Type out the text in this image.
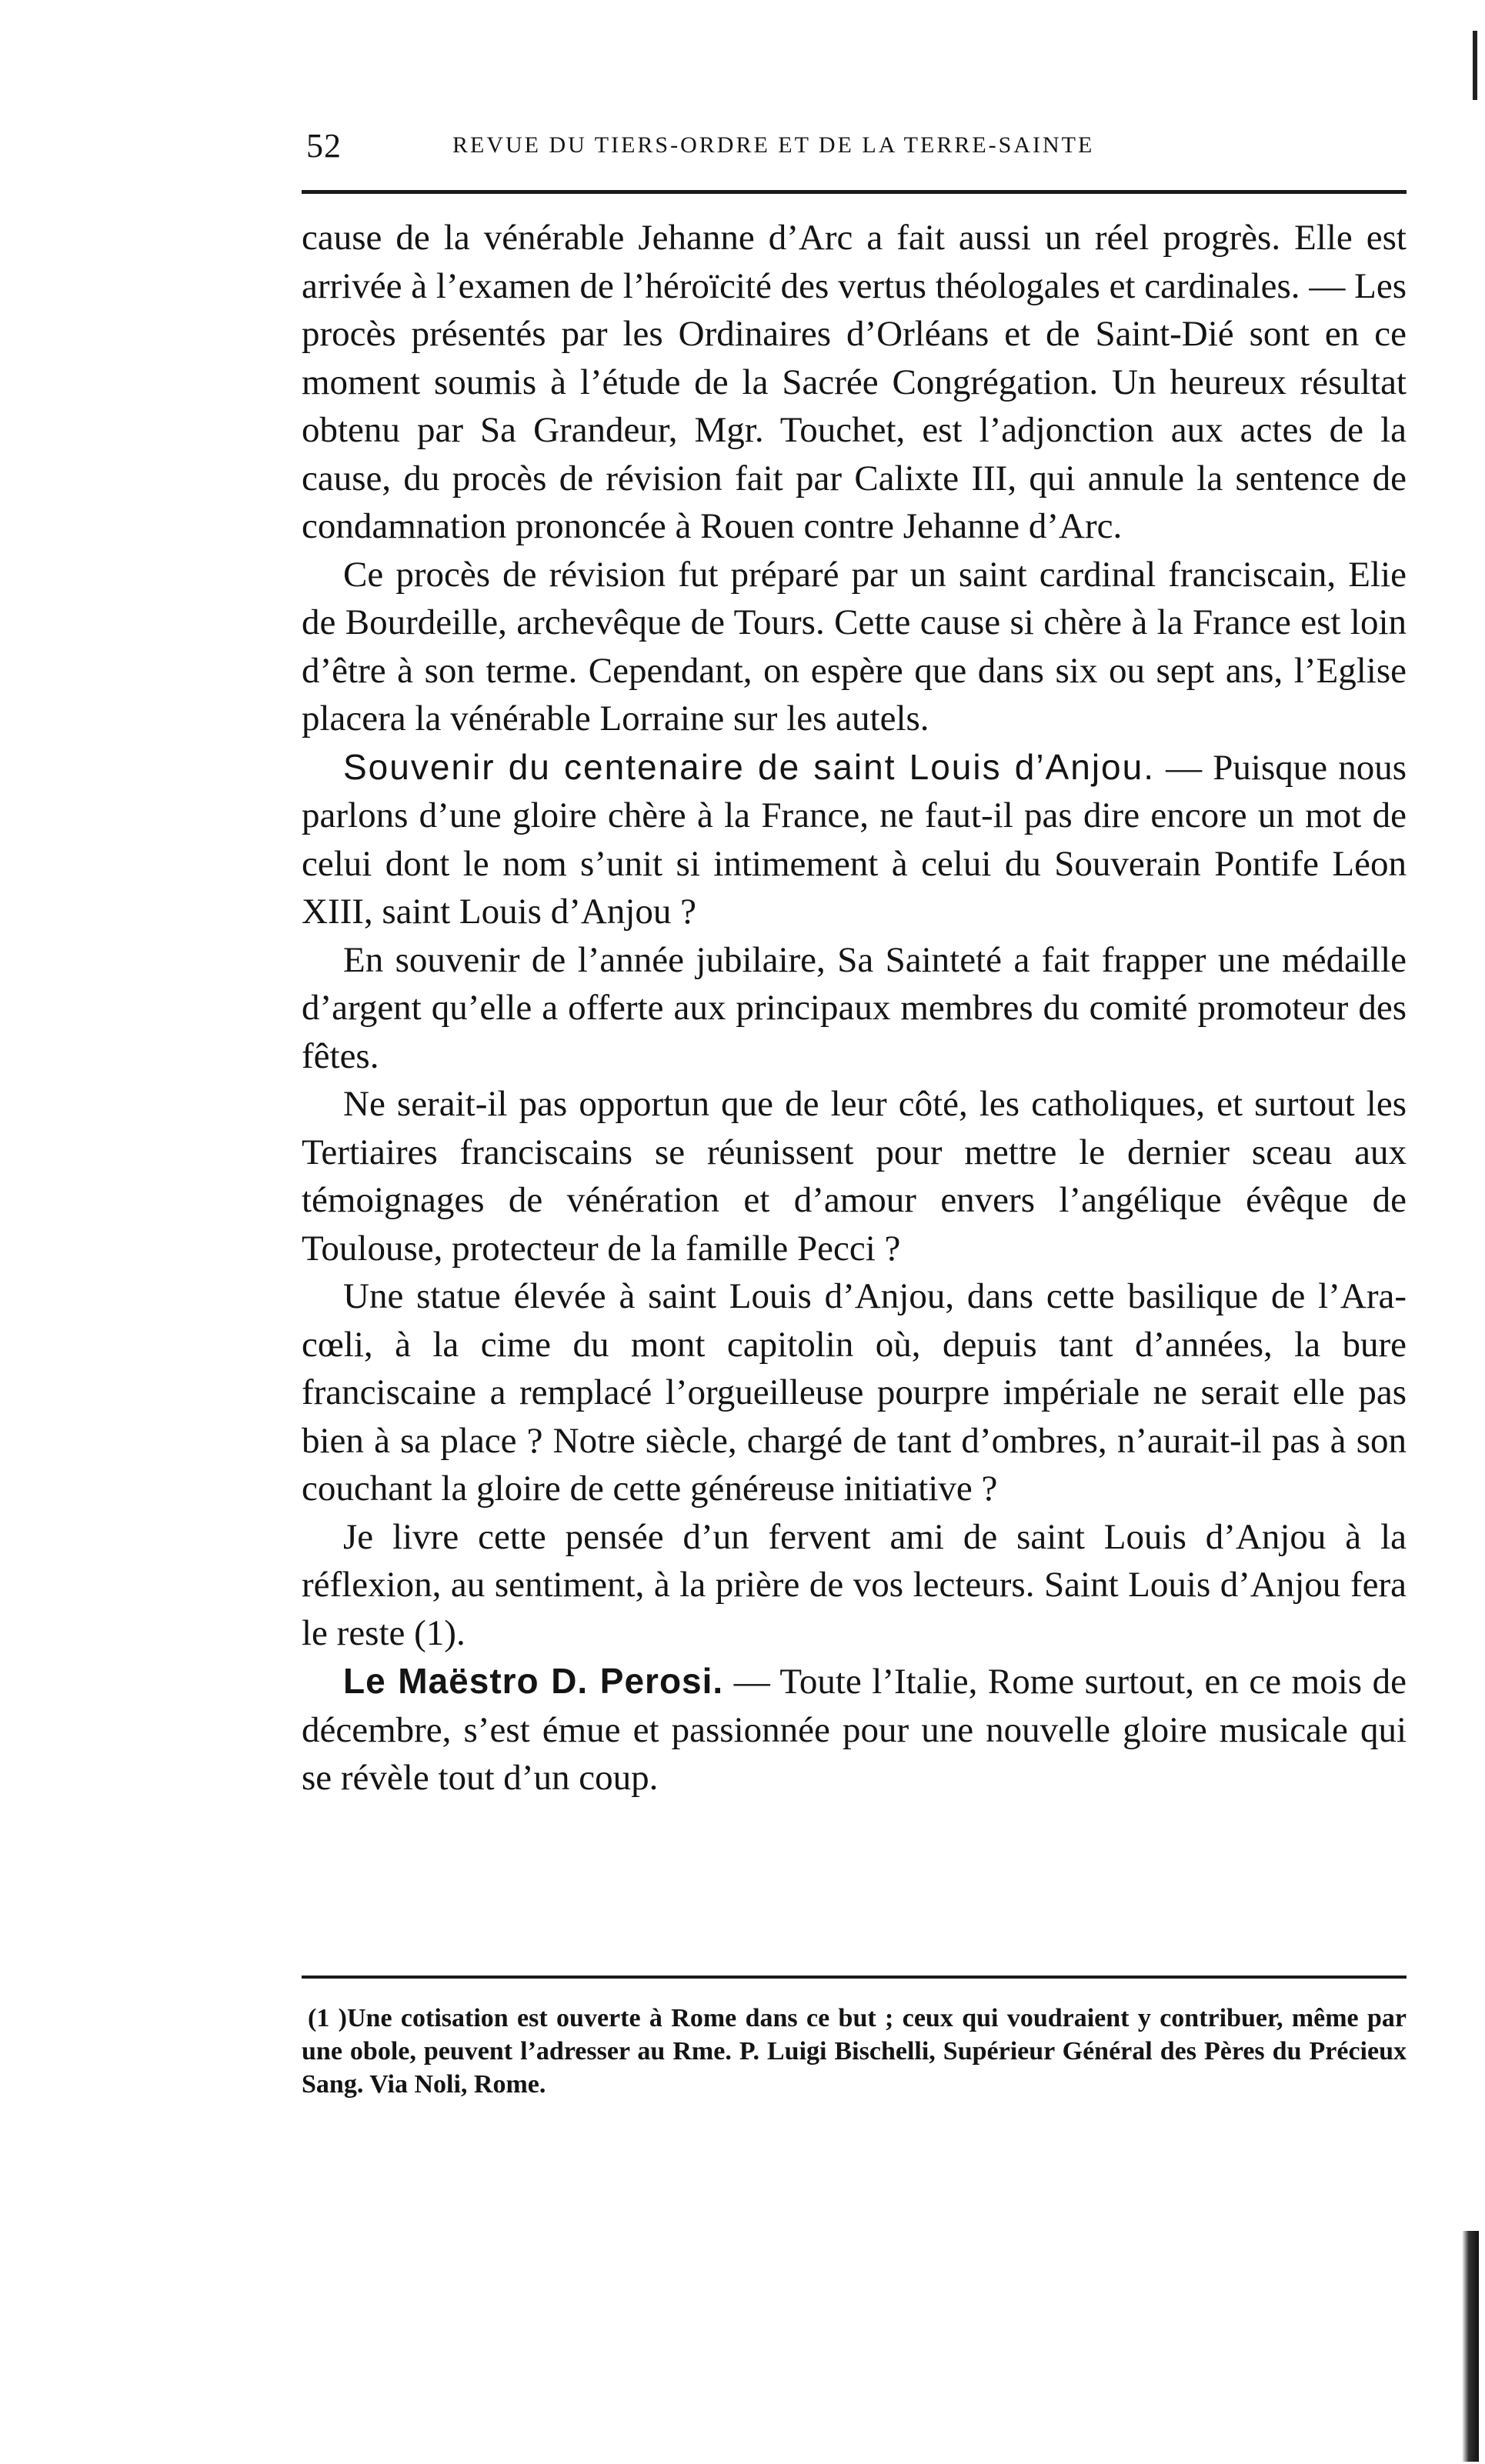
52	REVUE DU TIERS-ORDRE ET DE LA TERRE-SAINTE

cause de la vénérable Jehanne d’Arc a fait aussi un réel progrès. Elle est arrivée à l’examen de l’héroïcité des vertus théologales et cardinales. — Les procès présentés par les Ordinaires d’Orléans et de Saint-Dié sont en ce moment soumis à l’étude de la Sacrée Congrégation. Un heureux résultat obtenu par Sa Grandeur, Mgr. Touchet, est l’adjonction aux actes de la cause, du procès de révision fait par Calixte III, qui annule la sentence de condamnation prononcée à Rouen contre Jehanne d’Arc.

Ce procès de révision fut préparé par un saint cardinal franciscain, Elie de Bourdeille, archevêque de Tours. Cette cause si chère à la France est loin d’être à son terme. Cependant, on espère que dans six ou sept ans, l’Eglise placera la vénérable Lorraine sur les autels.

Souvenir du centenaire de saint Louis d’Anjou. — Puisque nous parlons d’une gloire chère à la France, ne faut-il pas dire encore un mot de celui dont le nom s’unit si intimement à celui du Souverain Pontife Léon XIII, saint Louis d’Anjou ?

En souvenir de l’année jubilaire, Sa Sainteté a fait frapper une médaille d’argent qu’elle a offerte aux principaux membres du comité promoteur des fêtes.

Ne serait-il pas opportun que de leur côté, les catholiques, et surtout les Tertiaires franciscains se réunissent pour mettre le dernier sceau aux témoignages de vénération et d’amour envers l’angélique évêque de Toulouse, protecteur de la famille Pecci ?

Une statue élevée à saint Louis d’Anjou, dans cette basilique de l’Ara-cœli, à la cime du mont capitolin où, depuis tant d’années, la bure franciscaine a remplacé l’orgueilleuse pourpre impériale ne serait elle pas bien à sa place ? Notre siècle, chargé de tant d’ombres, n’aurait-il pas à son couchant la gloire de cette généreuse initiative ?

Je livre cette pensée d’un fervent ami de saint Louis d’Anjou à la réflexion, au sentiment, à la prière de vos lecteurs. Saint Louis d’Anjou fera le reste (1).

Le Maëstro D. Perosi. — Toute l’Italie, Rome surtout, en ce mois de décembre, s’est émue et passionnée pour une nouvelle gloire musicale qui se révèle tout d’un coup.

(1 )Une cotisation est ouverte à Rome dans ce but ; ceux qui voudraient y contribuer, même par une obole, peuvent l’adresser au Rme. P. Luigi Bischelli, Supérieur Général des Pères du Précieux Sang. Via Noli, Rome.
